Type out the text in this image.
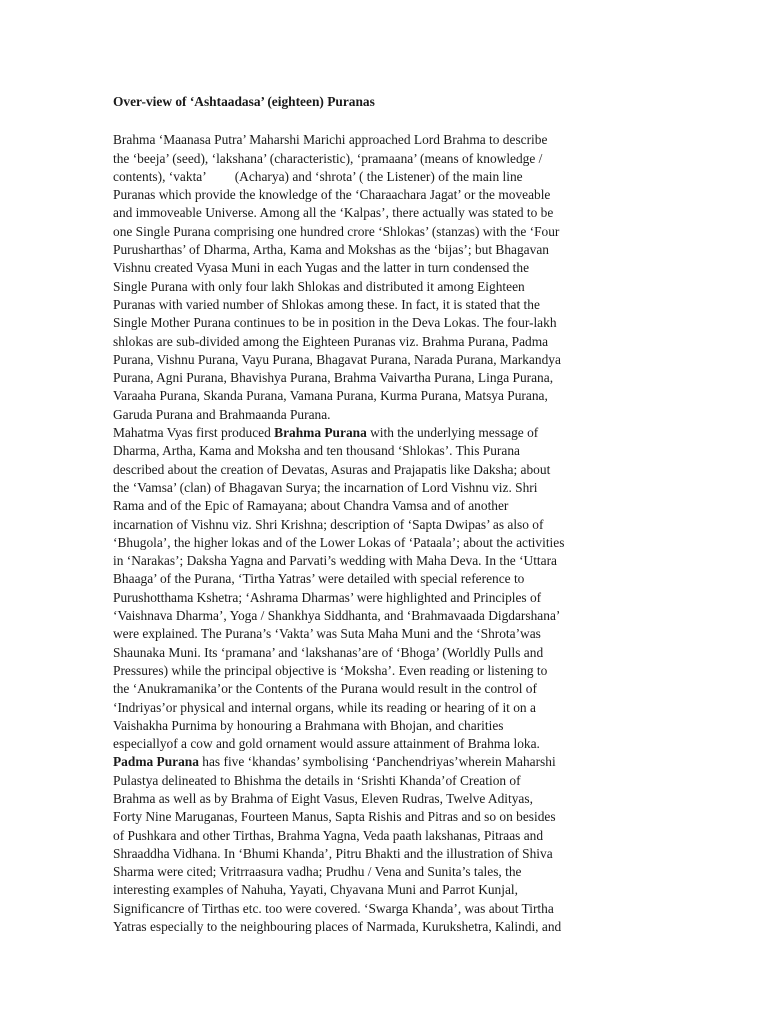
Over-view of ‘Ashtaadasa’ (eighteen) Puranas
Brahma ‘Maanasa Putra’ Maharshi Marichi approached Lord Brahma to describe
the ‘beeja’ (seed), ‘lakshana’ (characteristic), ‘pramaana’ (means of knowledge /
contents), ‘vakta’ (Acharya) and ‘shrota’ ( the Listener) of the main line
Puranas which provide the knowledge of the ‘Charaachara Jagat’ or the moveable
and immoveable Universe. Among all the ‘Kalpas’, there actually was stated to be
one Single Purana comprising one hundred crore ‘Shlokas’ (stanzas) with the ‘Four
Purusharthas’ of Dharma, Artha, Kama and Mokshas as the ‘bijas’; but Bhagavan
Vishnu created Vyasa Muni in each Yugas and the latter in turn condensed the
Single Purana with only four lakh Shlokas and distributed it among Eighteen
Puranas with varied number of Shlokas among these. In fact, it is stated that the
Single Mother Purana continues to be in position in the Deva Lokas. The four-lakh
shlokas are sub-divided among the Eighteen Puranas viz. Brahma Purana, Padma
Purana, Vishnu Purana, Vayu Purana, Bhagavat Purana, Narada Purana, Markandya
Purana, Agni Purana, Bhavishya Purana, Brahma Vaivartha Purana, Linga Purana,
Varaaha Purana, Skanda Purana, Vamana Purana, Kurma Purana, Matsya Purana,
Garuda Purana and Brahmaanda Purana.
Mahatma Vyas first produced Brahma Purana with the underlying message of
Dharma, Artha, Kama and Moksha and ten thousand ‘Shlokas’. This Purana
described about the creation of Devatas, Asuras and Prajapatis like Daksha; about
the ‘Vamsa’ (clan) of Bhagavan Surya; the incarnation of Lord Vishnu viz. Shri
Rama and of the Epic of Ramayana; about Chandra Vamsa and of another
incarnation of Vishnu viz. Shri Krishna; description of ‘Sapta Dwipas’ as also of
‘Bhugola’, the higher lokas and of the Lower Lokas of ‘Pataala’; about the activities
in ‘Narakas’; Daksha Yagna and Parvati’s wedding with Maha Deva. In the ‘Uttara
Bhaaga’ of the Purana, ‘Tirtha Yatras’ were detailed with special reference to
Purushotthama Kshetra; ‘Ashrama Dharmas’ were highlighted and Principles of
‘Vaishnava Dharma’, Yoga / Shankhya Siddhanta, and ‘Brahmavaada Digdarshana’
were explained. The Purana’s ‘Vakta’ was Suta Maha Muni and the ‘Shrota’was
Shaunaka Muni. Its ‘pramana’ and ‘lakshanas’are of ‘Bhoga’ (Worldly Pulls and
Pressures) while the principal objective is ‘Moksha’. Even reading or listening to
the ‘Anukramanika’or the Contents of the Purana would result in the control of
‘Indriyas’or physical and internal organs, while its reading or hearing of it on a
Vaishakha Purnima by honouring a Brahmana with Bhojan, and charities
especiallyof a cow and gold ornament would assure attainment of Brahma loka.
Padma Purana has five ‘khandas’ symbolising ‘Panchendriyas’wherein Maharshi
Pulastya delineated to Bhishma the details in ‘Srishti Khanda’of Creation of
Brahma as well as by Brahma of Eight Vasus, Eleven Rudras, Twelve Adityas,
Forty Nine Maruganas, Fourteen Manus, Sapta Rishis and Pitras and so on besides
of Pushkara and other Tirthas, Brahma Yagna, Veda paath lakshanas, Pitraas and
Shraaddha Vidhana. In ‘Bhumi Khanda’, Pitru Bhakti and the illustration of Shiva
Sharma were cited; Vritrraasura vadha; Prudhu / Vena and Sunita’s tales, the
interesting examples of Nahuha, Yayati, Chyavana Muni and Parrot Kunjal,
Significancre of Tirthas etc. too were covered. ‘Swarga Khanda’, was about Tirtha
Yatras especially to the neighbouring places of Narmada, Kurukshetra, Kalindi, and
